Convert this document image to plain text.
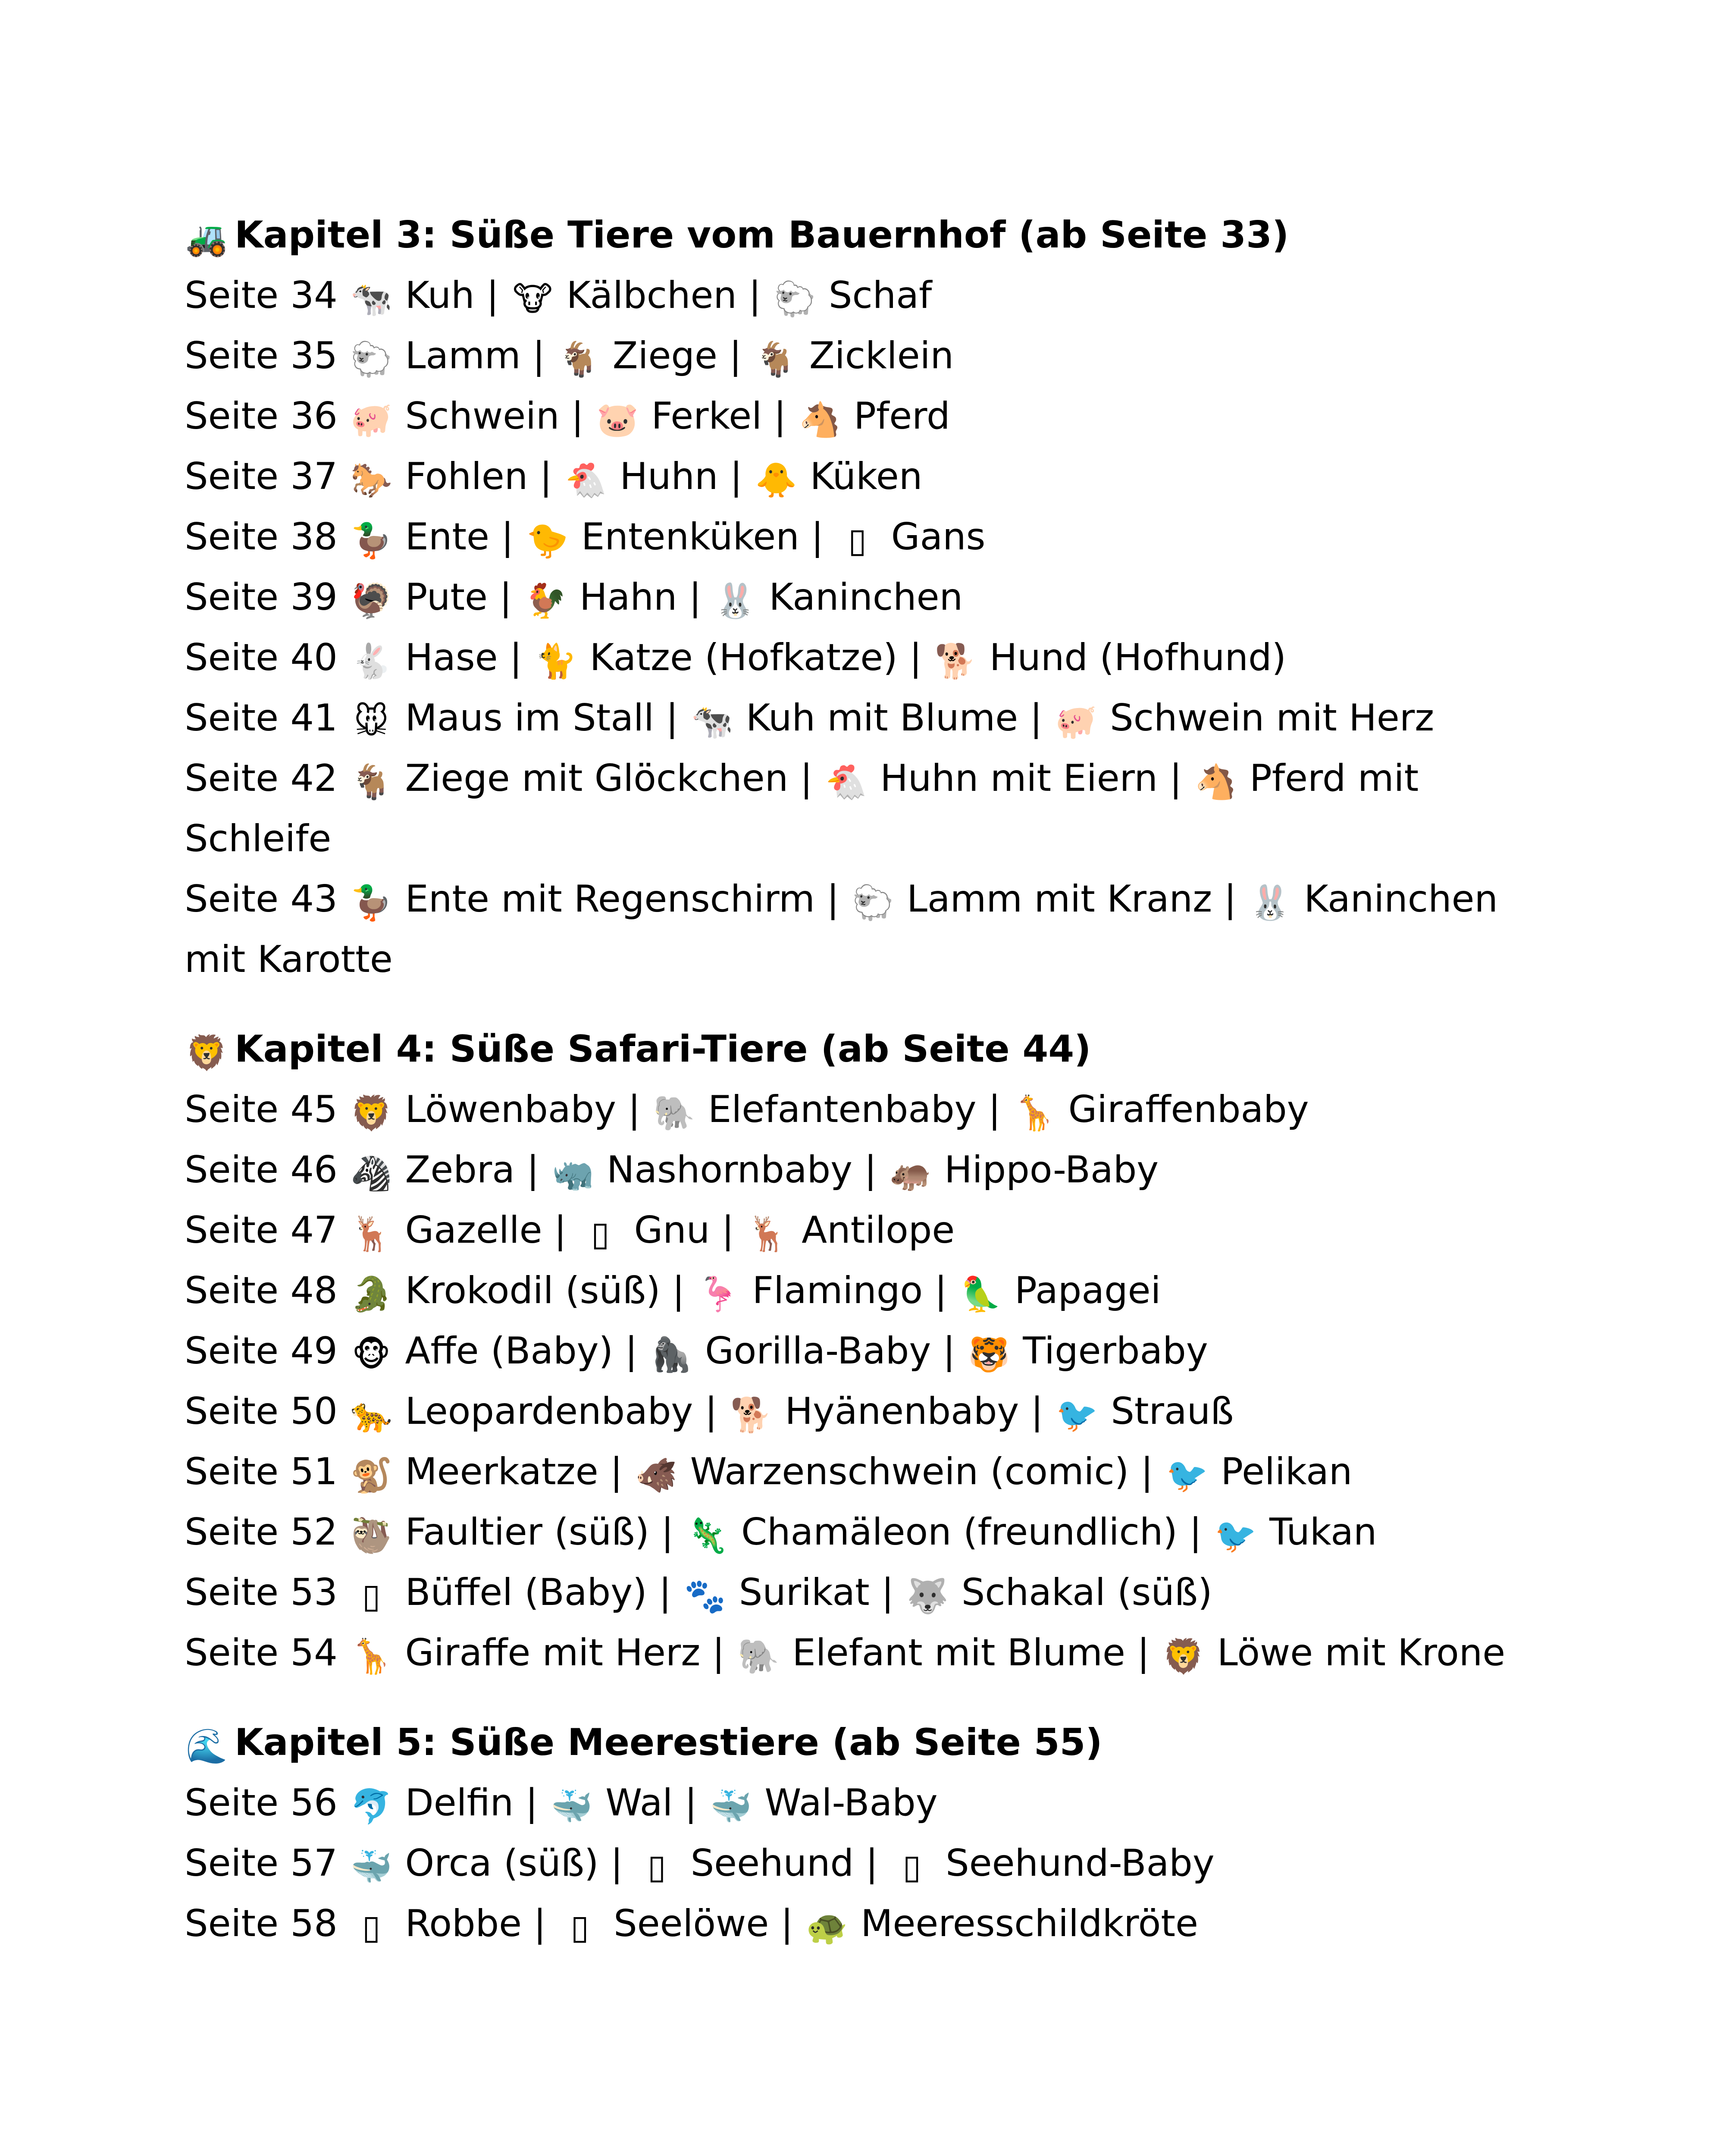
🚜 Kapitel 3: Süße Tiere vom Bauernhof (ab Seite 33)
Seite 34 🐄 Kuh | 🐮 Kälbchen | 🐑 Schaf
Seite 35 🐑 Lamm | 🐐 Ziege | 🐐 Zicklein
Seite 36 🐖 Schwein | 🐷 Ferkel | 🐴 Pferd
Seite 37 🐎 Fohlen | 🐔 Huhn | 🐥 Küken
Seite 38 🦆 Ente | 🐤 Entenküken | ▯ Gans
Seite 39 🦃 Pute | 🐓 Hahn | 🐰 Kaninchen
Seite 40 🐇 Hase | 🐈 Katze (Hofkatze) | 🐕 Hund (Hofhund)
Seite 41 🐭 Maus im Stall | 🐄 Kuh mit Blume | 🐖 Schwein mit Herz
Seite 42 🐐 Ziege mit Glöckchen | 🐔 Huhn mit Eiern | 🐴 Pferd mit Schleife
Seite 43 🦆 Ente mit Regenschirm | 🐑 Lamm mit Kranz | 🐰 Kaninchen mit Karotte
🦁 Kapitel 4: Süße Safari-Tiere (ab Seite 44)
Seite 45 🦁 Löwenbaby | 🐘 Elefantenbaby | 🦒 Giraffenbaby
Seite 46 🦓 Zebra | 🦏 Nashornbaby | 🦛 Hippo-Baby
Seite 47 🦌 Gazelle | ▯ Gnu | 🦌 Antilope
Seite 48 🐊 Krokodil (süß) | 🦩 Flamingo | 🦜 Papagei
Seite 49 🐵 Affe (Baby) | 🦍 Gorilla-Baby | 🐯 Tigerbaby
Seite 50 🐆 Leopardenbaby | 🐕 Hyänenbaby | 🐦 Strauß
Seite 51 🐒 Meerkatze | 🐗 Warzenschwein (comic) | 🐦 Pelikan
Seite 52 🦥 Faultier (süß) | 🦎 Chamäleon (freundlich) | 🐦 Tukan
Seite 53 ▯ Büffel (Baby) | 🐾 Surikat | 🐺 Schakal (süß)
Seite 54 🦒 Giraffe mit Herz | 🐘 Elefant mit Blume | 🦁 Löwe mit Krone
🌊 Kapitel 5: Süße Meerestiere (ab Seite 55)
Seite 56 🐬 Delfin | 🐳 Wal | 🐳 Wal-Baby
Seite 57 🐳 Orca (süß) | ▯ Seehund | ▯ Seehund-Baby
Seite 58 ▯ Robbe | ▯ Seelöwe | 🐢 Meeresschildkröte
